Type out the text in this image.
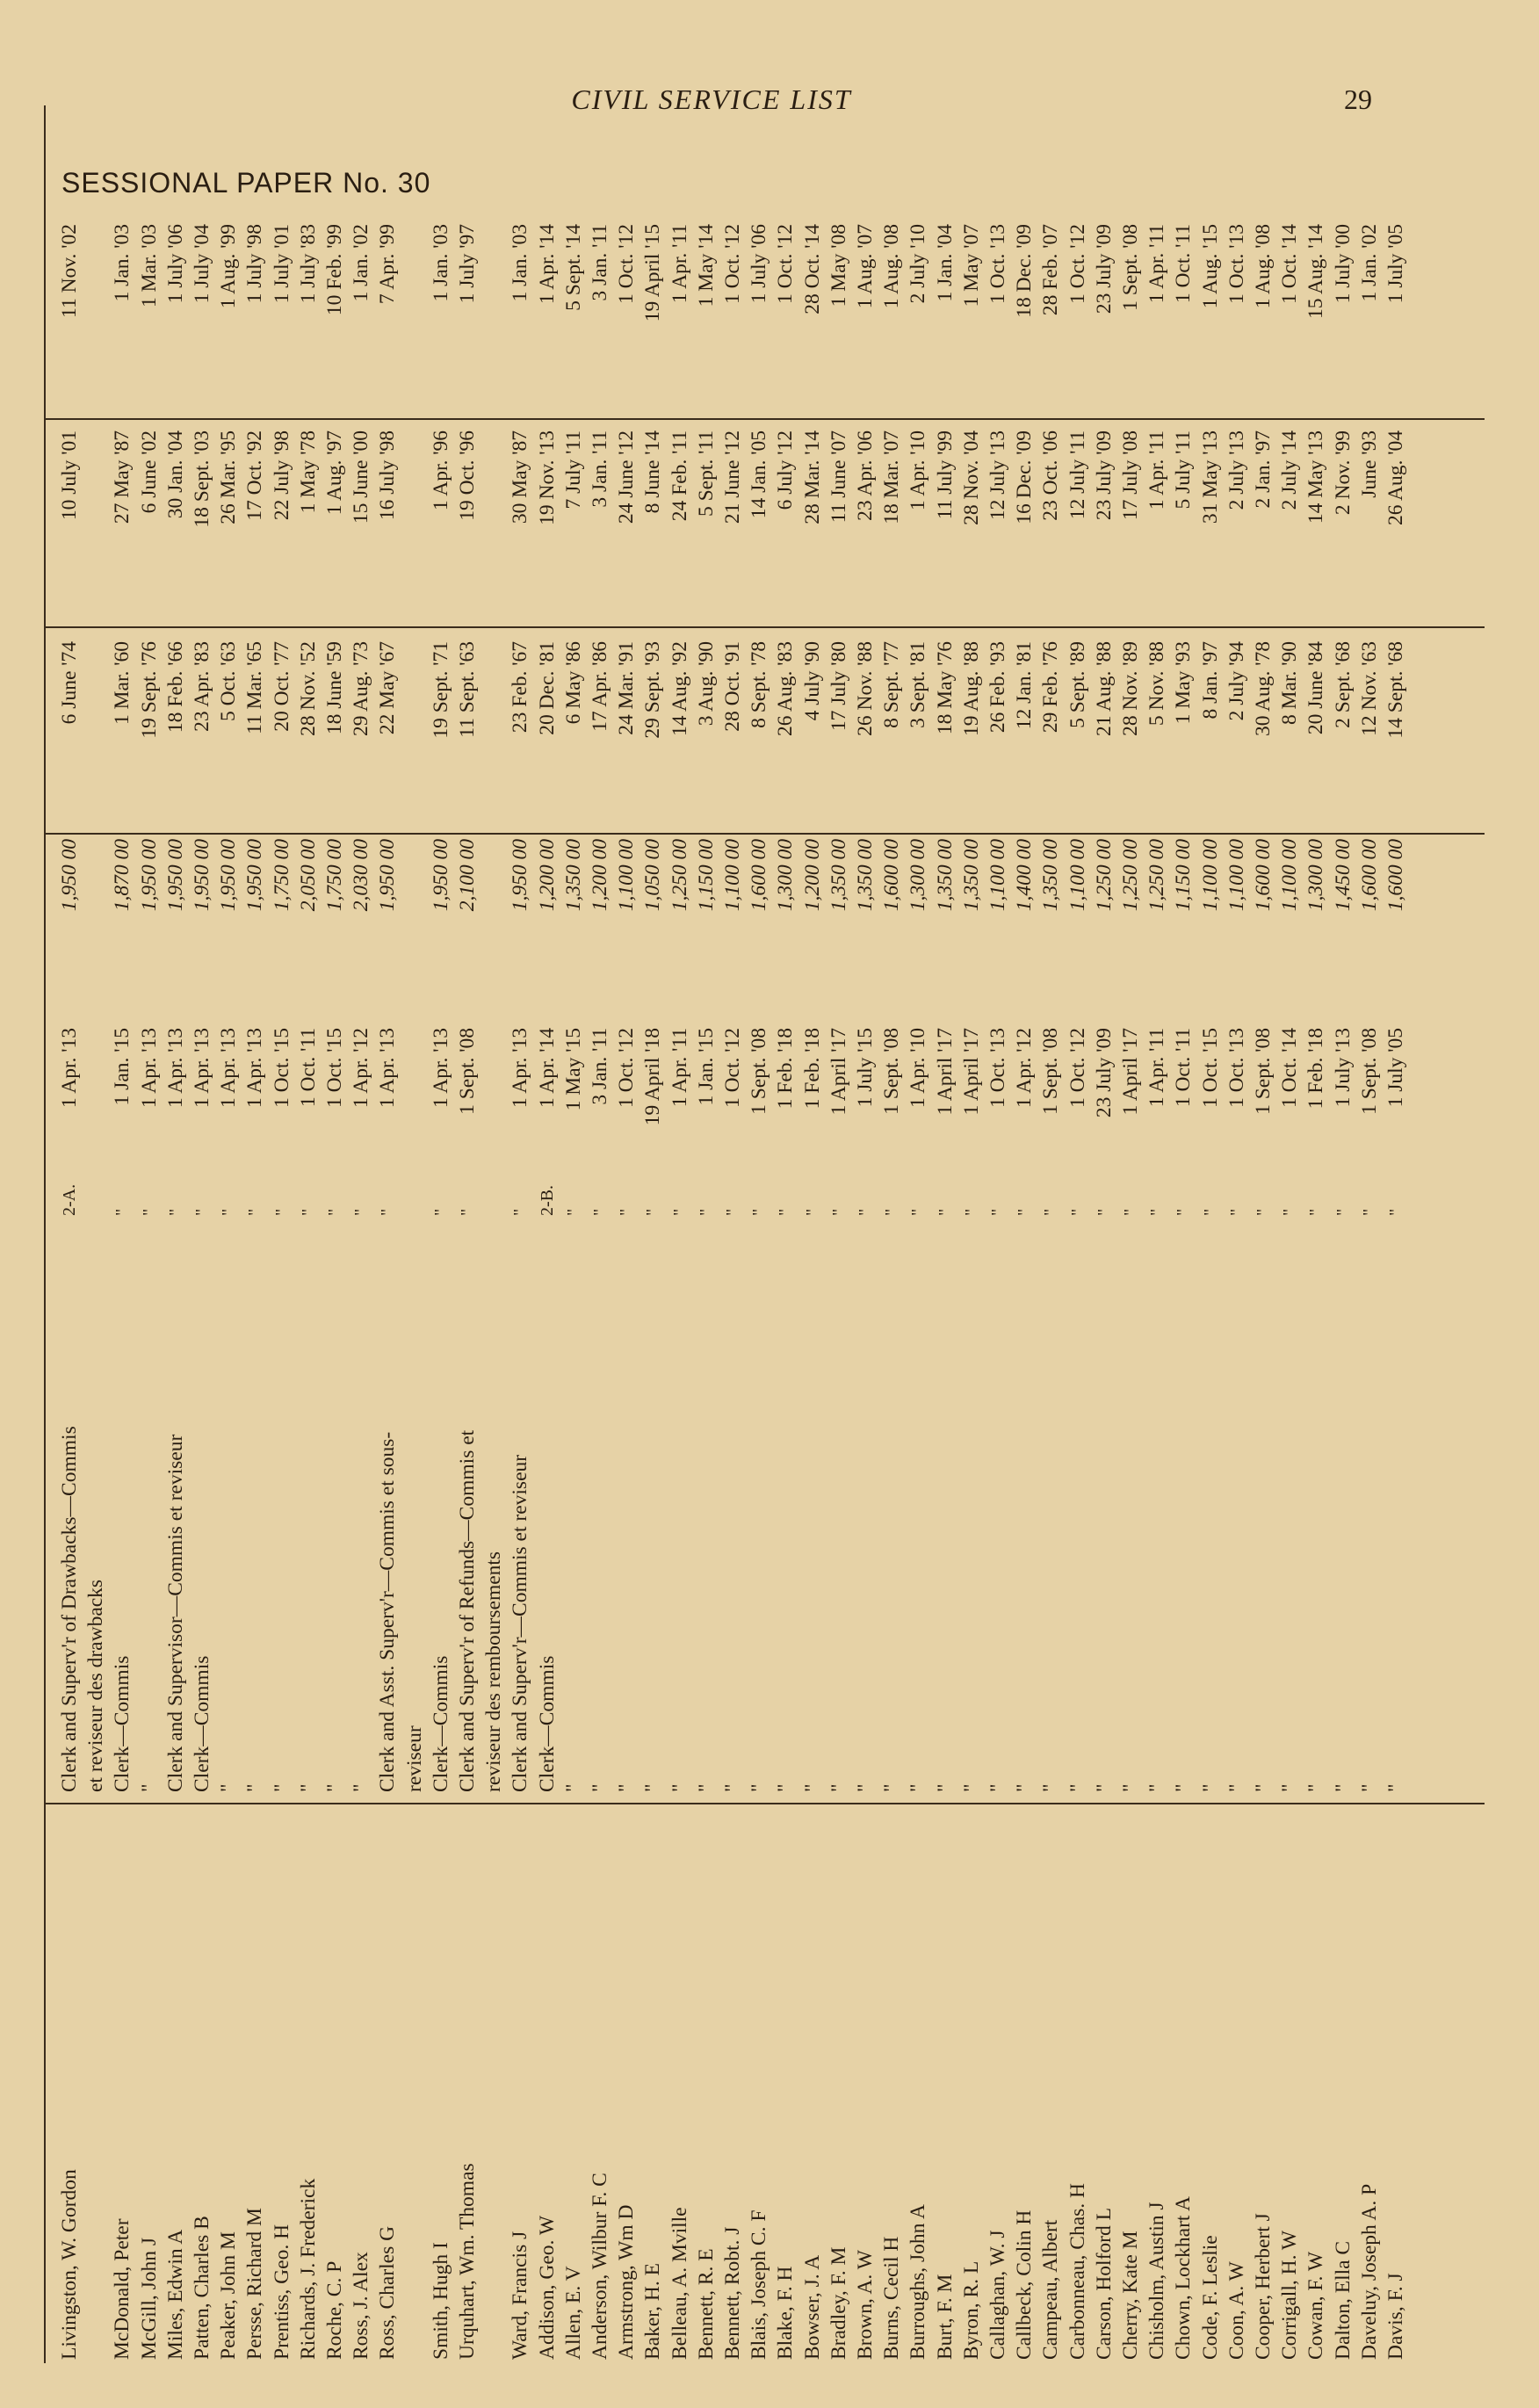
CIVIL SERVICE LIST	29
SESSIONAL PAPER No. 30
Livingston, W. Gordon
Clerk and Superv'r of Drawbacks—Commis
2-A.
1 Apr. '13
1,950 00
6 June '74
10 July '01
11 Nov. '02
et reviseur des drawbacks
McDonald, Peter
Clerk—Commis
"
1 Jan. '15
1,870 00
1 Mar. '60
27 May '87
1 Jan. '03
McGill, John J
"
"
1 Apr. '13
1,950 00
19 Sept. '76
6 June '02
1 Mar. '03
Miles, Edwin A
Clerk and Supervisor—Commis et reviseur
"
1 Apr. '13
1,950 00
18 Feb. '66
30 Jan. '04
1 July '06
Patten, Charles B
Clerk—Commis
"
1 Apr. '13
1,950 00
23 Apr. '83
18 Sept. '03
1 July '04
Peaker, John M
"
"
1 Apr. '13
1,950 00
5 Oct. '63
26 Mar. '95
1 Aug. '99
Persse, Richard M
"
"
1 Apr. '13
1,950 00
11 Mar. '65
17 Oct. '92
1 July '98
Prentiss, Geo. H
"
"
1 Oct. '15
1,750 00
20 Oct. '77
22 July '98
1 July '01
Richards, J. Frederick
"
"
1 Oct. '11
2,050 00
28 Nov. '52
1 May '78
1 July '83
Roche, C. P
"
"
1 Oct. '15
1,750 00
18 June '59
1 Aug. '97
10 Feb. '99
Ross, J. Alex
"
"
1 Apr. '12
2,030 00
29 Aug. '73
15 June '00
1 Jan. '02
Ross, Charles G
Clerk and Asst. Superv'r—Commis et sous-
"
1 Apr. '13
1,950 00
22 May '67
16 July '98
7 Apr. '99
reviseur
Smith, Hugh I
Clerk—Commis
"
1 Apr. '13
1,950 00
19 Sept. '71
1 Apr. '96
1 Jan. '03
Urquhart, Wm. Thomas
Clerk and Superv'r of Refunds—Commis et
"
1 Sept. '08
2,100 00
11 Sept. '63
19 Oct. '96
1 July '97
reviseur des remboursements
Ward, Francis J
Clerk and Superv'r—Commis et reviseur
"
1 Apr. '13
1,950 00
23 Feb. '67
30 May '87
1 Jan. '03
Addison, Geo. W
Clerk—Commis
2-B.
1 Apr. '14
1,200 00
20 Dec. '81
19 Nov. '13
1 Apr. '14
Allen, E. V
"
"
1 May '15
1,350 00
6 May '86
7 July '11
5 Sept. '14
Anderson, Wilbur F. C
"
"
3 Jan. '11
1,200 00
17 Apr. '86
3 Jan. '11
3 Jan. '11
Armstrong, Wm D
"
"
1 Oct. '12
1,100 00
24 Mar. '91
24 June '12
1 Oct. '12
Baker, H. E
"
"
19 April '18
1,050 00
29 Sept. '93
8 June '14
19 April '15
Belleau, A. Mville
"
"
1 Apr. '11
1,250 00
14 Aug. '92
24 Feb. '11
1 Apr. '11
Bennett, R. E
"
"
1 Jan. '15
1,150 00
3 Aug. '90
5 Sept. '11
1 May '14
Bennett, Robt. J
"
"
1 Oct. '12
1,100 00
28 Oct. '91
21 June '12
1 Oct. '12
Blais, Joseph C. F
"
"
1 Sept. '08
1,600 00
8 Sept. '78
14 Jan. '05
1 July '06
Blake, F. H
"
"
1 Feb. '18
1,300 00
26 Aug. '83
6 July '12
1 Oct. '12
Bowser, J. A
"
"
1 Feb. '18
1,200 00
4 July '90
28 Mar. '14
28 Oct. '14
Bradley, F. M
"
"
1 April '17
1,350 00
17 July '80
11 June '07
1 May '08
Brown, A. W
"
"
1 July '15
1,350 00
26 Nov. '88
23 Apr. '06
1 Aug. '07
Burns, Cecil H
"
"
1 Sept. '08
1,600 00
8 Sept. '77
18 Mar. '07
1 Aug. '08
Burroughs, John A
"
"
1 Apr. '10
1,300 00
3 Sept. '81
1 Apr. '10
2 July '10
Burt, F. M
"
"
1 April '17
1,350 00
18 May '76
11 July '99
1 Jan. '04
Byron, R. L
"
"
1 April '17
1,350 00
19 Aug. '88
28 Nov. '04
1 May '07
Callaghan, W. J
"
"
1 Oct. '13
1,100 00
26 Feb. '93
12 July '13
1 Oct. '13
Callbeck, Colin H
"
"
1 Apr. '12
1,400 00
12 Jan. '81
16 Dec. '09
18 Dec. '09
Campeau, Albert
"
"
1 Sept. '08
1,350 00
29 Feb. '76
23 Oct. '06
28 Feb. '07
Carbonneau, Chas. H
"
"
1 Oct. '12
1,100 00
5 Sept. '89
12 July '11
1 Oct. '12
Carson, Holford L
"
"
23 July '09
1,250 00
21 Aug. '88
23 July '09
23 July '09
Cherry, Kate M
"
"
1 April '17
1,250 00
28 Nov. '89
17 July '08
1 Sept. '08
Chisholm, Austin J
"
"
1 Apr. '11
1,250 00
5 Nov. '88
1 Apr. '11
1 Apr. '11
Chown, Lockhart A
"
"
1 Oct. '11
1,150 00
1 May '93
5 July '11
1 Oct. '11
Code, F. Leslie
"
"
1 Oct. '15
1,100 00
8 Jan. '97
31 May '13
1 Aug. '15
Coon, A. W
"
"
1 Oct. '13
1,100 00
2 July '94
2 July '13
1 Oct. '13
Cooper, Herbert J
"
"
1 Sept. '08
1,600 00
30 Aug. '78
2 Jan. '97
1 Aug. '08
Corrigall, H. W
"
"
1 Oct. '14
1,100 00
8 Mar. '90
2 July '14
1 Oct. '14
Cowan, F. W
"
"
1 Feb. '18
1,300 00
20 June '84
14 May '13
15 Aug. '14
Dalton, Ella C
"
"
1 July '13
1,450 00
2 Sept. '68
2 Nov. '99
1 July '00
Daveluy, Joseph A. P
"
"
1 Sept. '08
1,600 00
12 Nov. '63
June '93
1 Jan. '02
Davis, F. J
"
"
1 July '05
1,600 00
14 Sept. '68
26 Aug. '04
1 July '05
